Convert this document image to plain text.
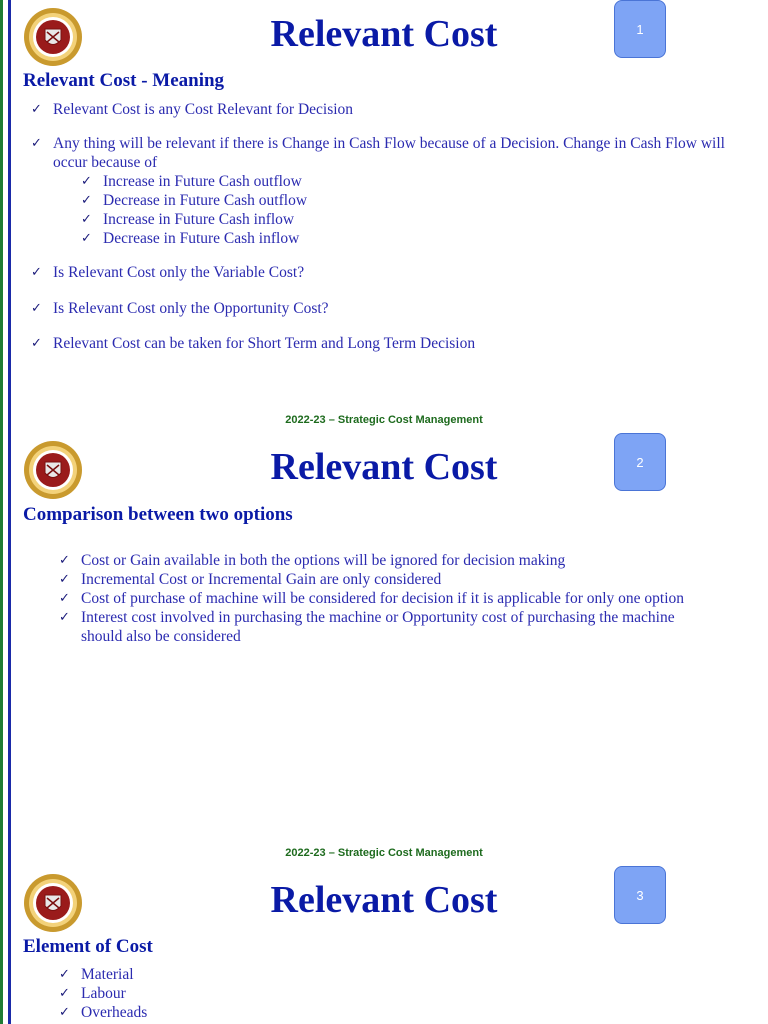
Relevant Cost	1
Relevant Cost - Meaning
✓ Relevant Cost is any Cost Relevant for Decision
✓ Any thing will be relevant if there is Change in Cash Flow because of a Decision. Change in Cash Flow will occur because of
✓ Increase in Future Cash outflow
✓ Decrease in Future Cash outflow
✓ Increase in Future Cash inflow
✓ Decrease in Future Cash inflow
✓ Is Relevant Cost only the Variable Cost?
✓ Is Relevant Cost only the Opportunity Cost?
✓ Relevant Cost can be taken for Short Term and Long Term Decision
2022-23 – Strategic Cost Management
Relevant Cost	2
Comparison between two options
✓ Cost or Gain available in both the options will be ignored for decision making
✓ Incremental Cost or Incremental Gain are only considered
✓ Cost of purchase of machine will be considered for decision if it is applicable for only one option
✓ Interest cost involved in purchasing the machine or Opportunity cost of purchasing the machine should also be considered
2022-23 – Strategic Cost Management
Relevant Cost	3
Element of Cost
✓ Material
✓ Labour
✓ Overheads
